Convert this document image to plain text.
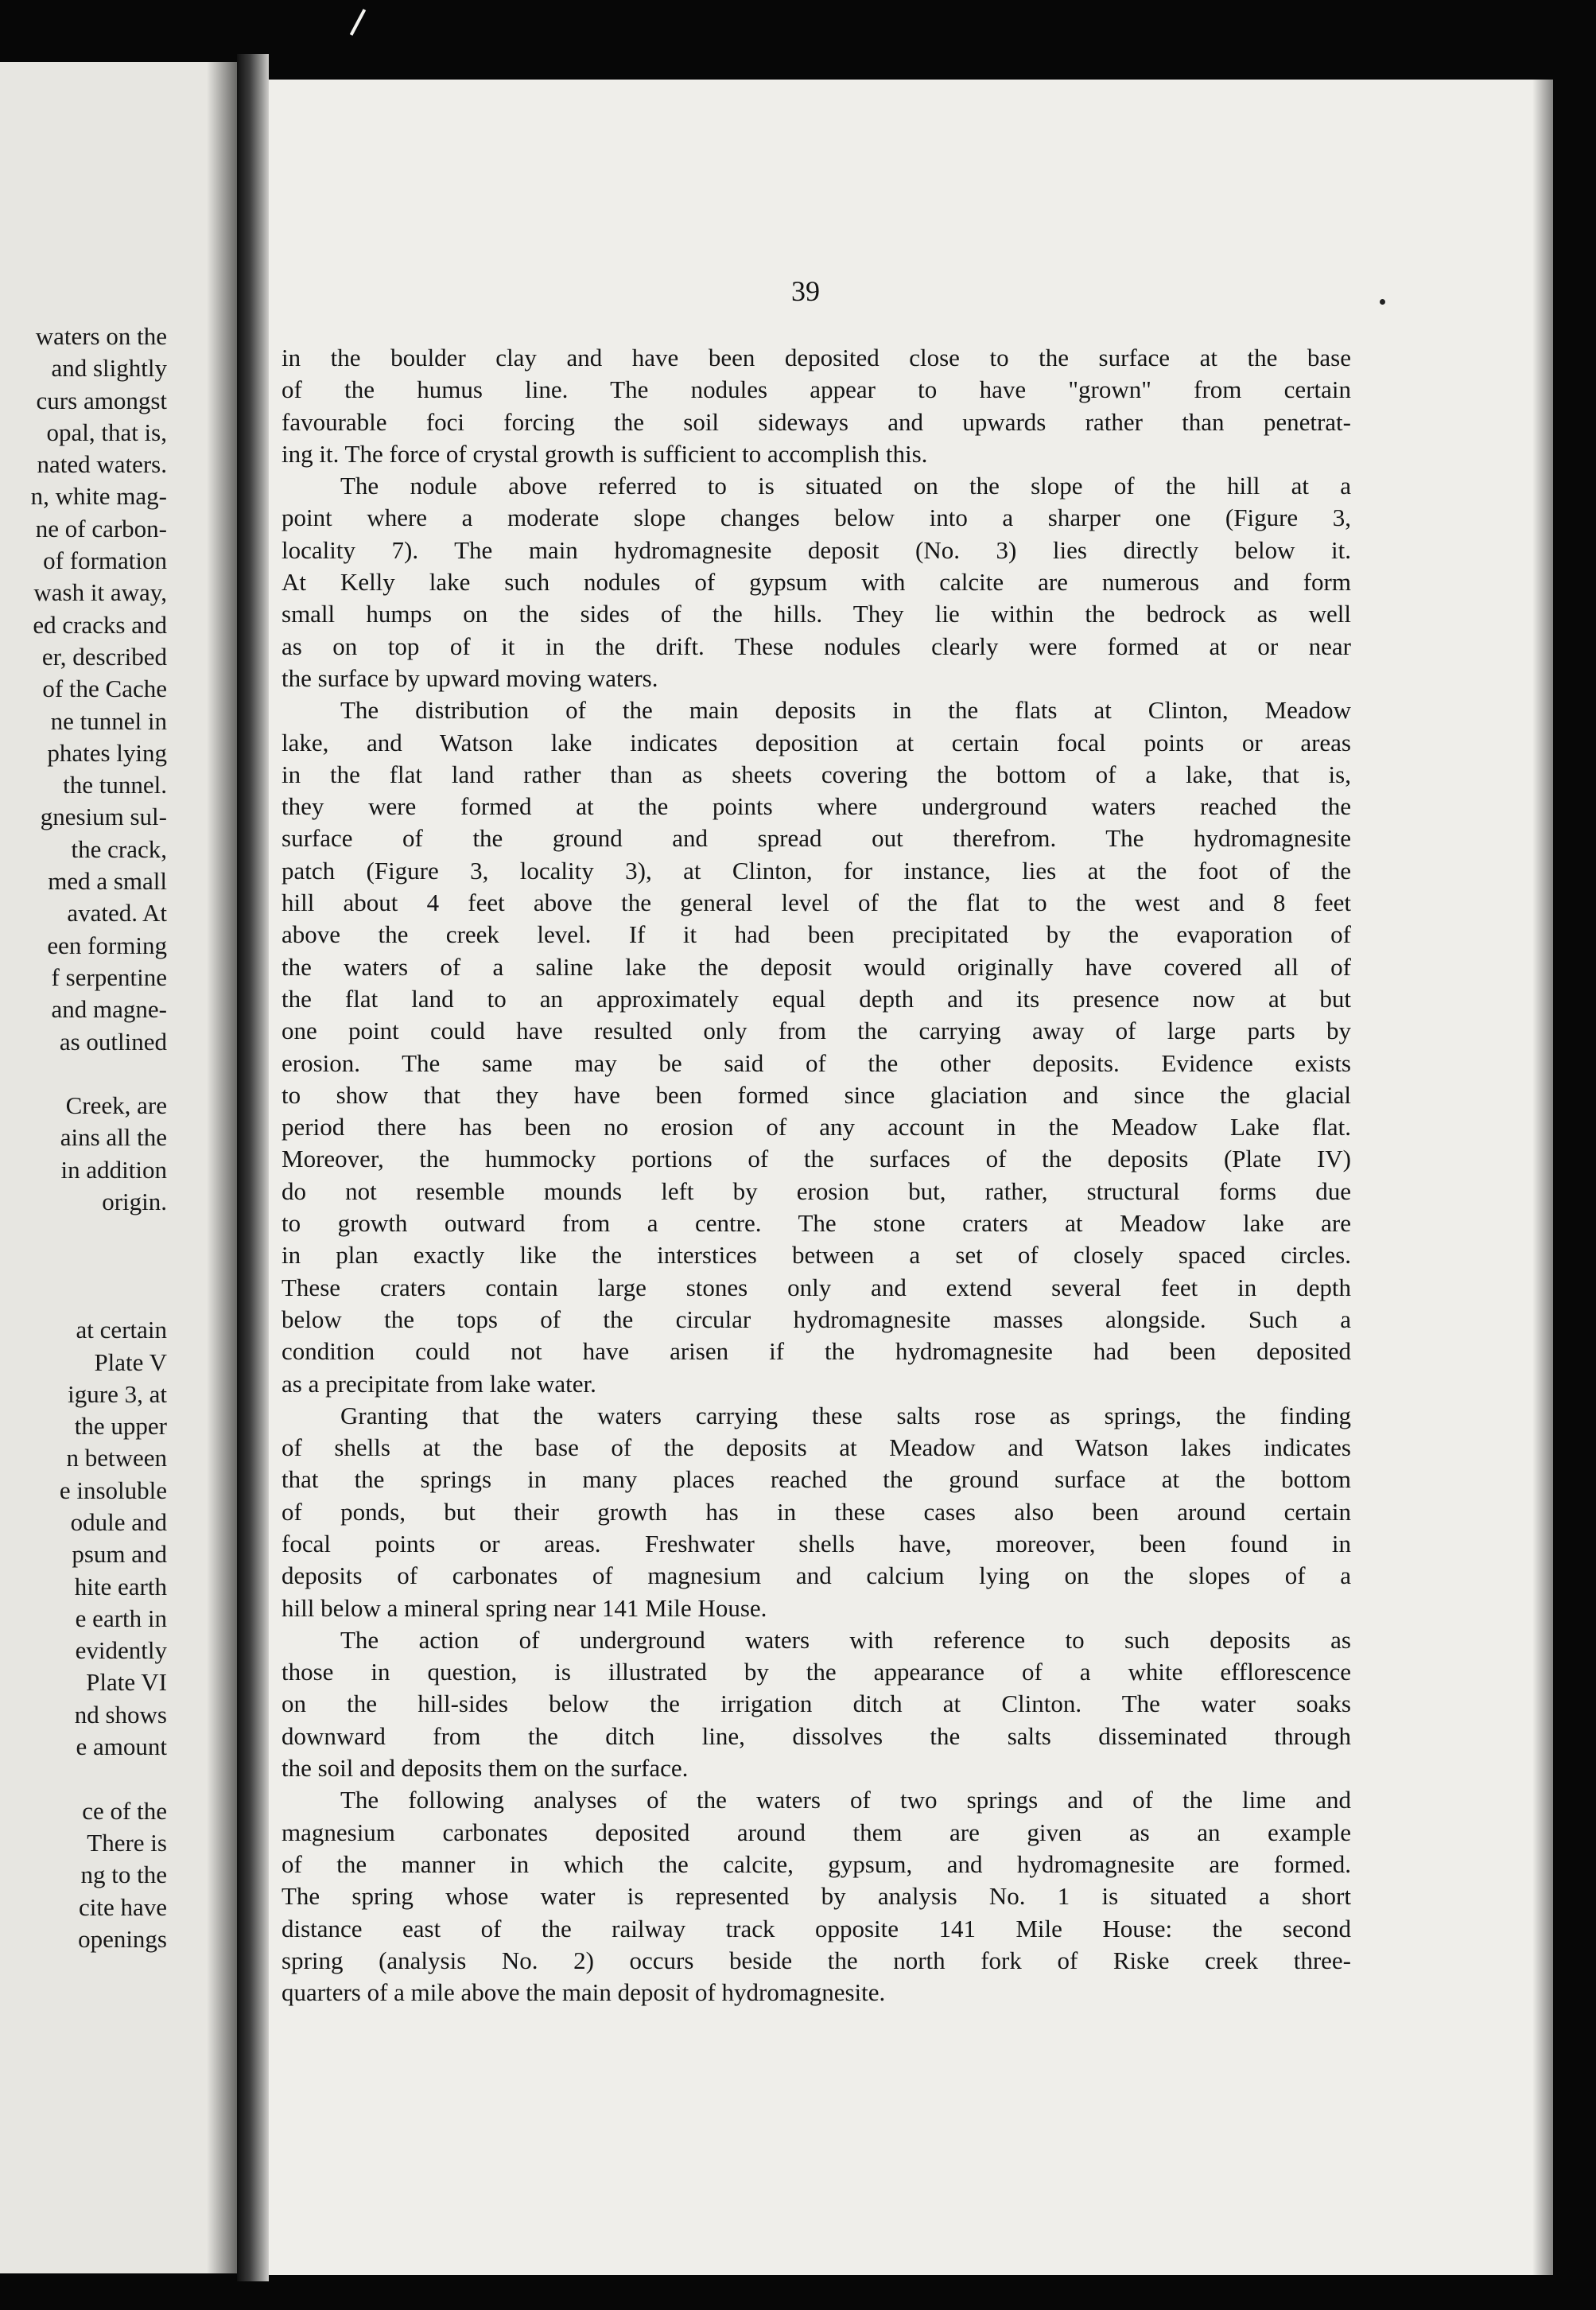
waters on the
and slightly
curs amongst
opal, that is,
nated waters.
n, white mag-
ne of carbon-
of formation
wash it away,
ed cracks and
er, described
of the Cache
ne tunnel in
phates lying
the tunnel.
gnesium sul-
the crack,
med a small
avated. At
een forming
f serpentine
and magne-
as outlined
Creek, are
ains all the
in addition
origin.
at certain
Plate V
igure 3, at
the upper
n between
e insoluble
odule and
psum and
hite earth
e earth in
evidently
Plate VI
nd shows
e amount
ce of the
There is
ng to the
cite have
openings

39

in the boulder clay and have been deposited close to the surface at the base
of the humus line. The nodules appear to have "grown" from certain
favourable foci forcing the soil sideways and upwards rather than penetrat-
ing it. The force of crystal growth is sufficient to accomplish this.
The nodule above referred to is situated on the slope of the hill at a
point where a moderate slope changes below into a sharper one (Figure 3,
locality 7). The main hydromagnesite deposit (No. 3) lies directly below it.
At Kelly lake such nodules of gypsum with calcite are numerous and form
small humps on the sides of the hills. They lie within the bedrock as well
as on top of it in the drift. These nodules clearly were formed at or near
the surface by upward moving waters.
The distribution of the main deposits in the flats at Clinton, Meadow
lake, and Watson lake indicates deposition at certain focal points or areas
in the flat land rather than as sheets covering the bottom of a lake, that is,
they were formed at the points where underground waters reached the
surface of the ground and spread out therefrom. The hydromagnesite
patch (Figure 3, locality 3), at Clinton, for instance, lies at the foot of the
hill about 4 feet above the general level of the flat to the west and 8 feet
above the creek level. If it had been precipitated by the evaporation of
the waters of a saline lake the deposit would originally have covered all of
the flat land to an approximately equal depth and its presence now at but
one point could have resulted only from the carrying away of large parts by
erosion. The same may be said of the other deposits. Evidence exists
to show that they have been formed since glaciation and since the glacial
period there has been no erosion of any account in the Meadow Lake flat.
Moreover, the hummocky portions of the surfaces of the deposits (Plate IV)
do not resemble mounds left by erosion but, rather, structural forms due
to growth outward from a centre. The stone craters at Meadow lake are
in plan exactly like the interstices between a set of closely spaced circles.
These craters contain large stones only and extend several feet in depth
below the tops of the circular hydromagnesite masses alongside. Such a
condition could not have arisen if the hydromagnesite had been deposited
as a precipitate from lake water.
Granting that the waters carrying these salts rose as springs, the finding
of shells at the base of the deposits at Meadow and Watson lakes indicates
that the springs in many places reached the ground surface at the bottom
of ponds, but their growth has in these cases also been around certain
focal points or areas. Freshwater shells have, moreover, been found in
deposits of carbonates of magnesium and calcium lying on the slopes of a
hill below a mineral spring near 141 Mile House.
The action of underground waters with reference to such deposits as
those in question, is illustrated by the appearance of a white efflorescence
on the hill-sides below the irrigation ditch at Clinton. The water soaks
downward from the ditch line, dissolves the salts disseminated through
the soil and deposits them on the surface.
The following analyses of the waters of two springs and of the lime and
magnesium carbonates deposited around them are given as an example
of the manner in which the calcite, gypsum, and hydromagnesite are formed.
The spring whose water is represented by analysis No. 1 is situated a short
distance east of the railway track opposite 141 Mile House: the second
spring (analysis No. 2) occurs beside the north fork of Riske creek three-
quarters of a mile above the main deposit of hydromagnesite.
